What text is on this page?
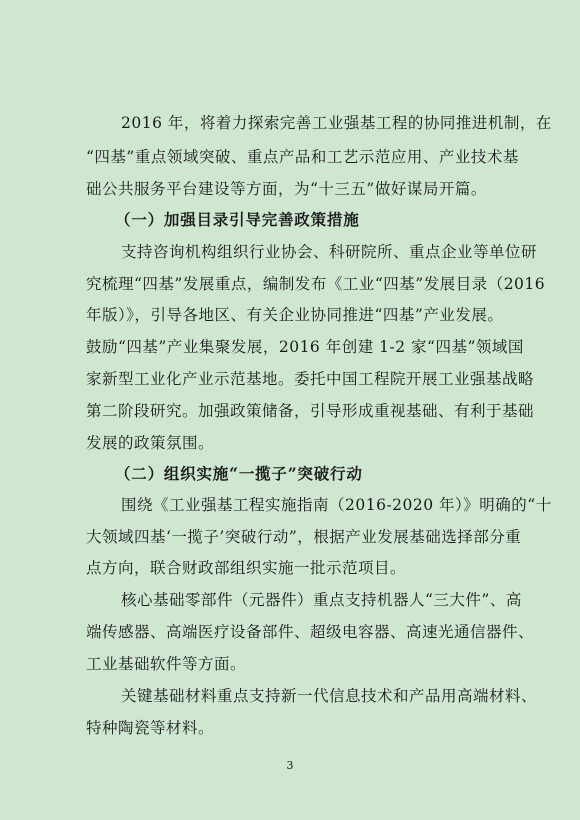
2016 年，将着力探索完善工业强基工程的协同推进机制，在
“四基”重点领域突破、重点产品和工艺示范应用、产业技术基
础公共服务平台建设等方面，为“十三五”做好谋局开篇。
（一）加强目录引导完善政策措施
支持咨询机构组织行业协会、科研院所、重点企业等单位研
究梳理“四基”发展重点，编制发布《工业“四基”发展目录（2016
年版）》，引导各地区、有关企业协同推进“四基”产业发展。
鼓励“四基”产业集聚发展，2016 年创建 1-2 家“四基”领域国
家新型工业化产业示范基地。委托中国工程院开展工业强基战略
第二阶段研究。加强政策储备，引导形成重视基础、有利于基础
发展的政策氛围。
（二）组织实施“一揽子”突破行动
围绕《工业强基工程实施指南（2016-2020 年）》明确的“十
大领域四基‘一揽子’突破行动”，根据产业发展基础选择部分重
点方向，联合财政部组织实施一批示范项目。
核心基础零部件（元器件）重点支持机器人“三大件”、高
端传感器、高端医疗设备部件、超级电容器、高速光通信器件、
工业基础软件等方面。
关键基础材料重点支持新一代信息技术和产品用高端材料、
特种陶瓷等材料。
3
